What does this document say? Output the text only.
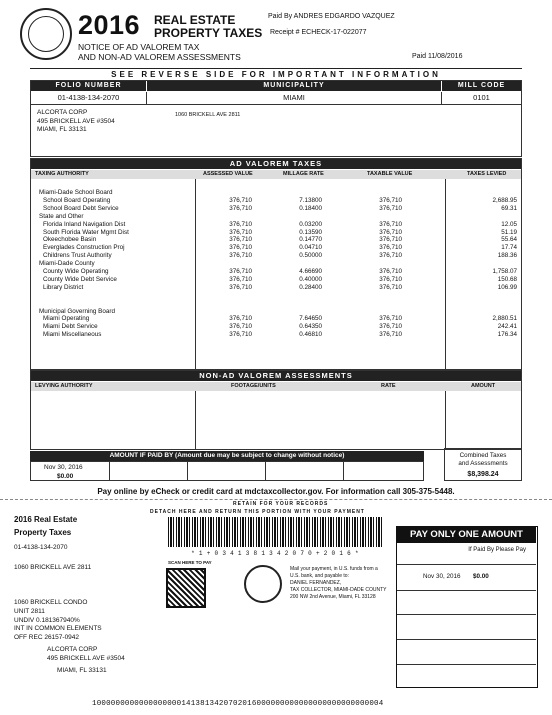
2016 REAL ESTATE
PROPERTY TAXES
NOTICE OF AD VALOREM TAX
AND NON-AD VALOREM ASSESSMENTS
Paid By ANDRES EDGARDO VAZQUEZ
Receipt # ECHECK-17-022077
Paid 11/08/2016
SEE REVERSE SIDE FOR IMPORTANT INFORMATION
FOLIO NUMBER	MUNICIPALITY	MILL CODE
01-4138-134-2070	MIAMI	0101
ALCORTA CORP
495 BRICKELL AVE #3504
MIAMI, FL 33131
1060 BRICKELL AVE 2811
AD VALOREM TAXES
TAXING AUTHORITY	ASSESSED VALUE	MILLAGE RATE	TAXABLE VALUE	TAXES LEVIED
Miami-Dade School Board
School Board Operating	376,710	7.13800	376,710	2,688.95
School Board Debt Service	376,710	0.18400	376,710	69.31
State and Other
Florida Inland Navigation Dist	376,710	0.03200	376,710	12.05
South Florida Water Mgmt Dist	376,710	0.13590	376,710	51.19
Okeechobee Basin	376,710	0.14770	376,710	55.64
Everglades Construction Proj	376,710	0.04710	376,710	17.74
Childrens Trust Authority	376,710	0.50000	376,710	188.36
Miami-Dade County
County Wide Operating	376,710	4.66690	376,710	1,758.07
County Wide Debt Service	376,710	0.40000	376,710	150.68
Library District	376,710	0.28400	376,710	106.99
Municipal Governing Board
Miami Operating	376,710	7.64650	376,710	2,880.51
Miami Debt Service	376,710	0.64350	376,710	242.41
Miami Miscellaneous	376,710	0.46810	376,710	176.34
NON-AD VALOREM ASSESSMENTS
LEVYING AUTHORITY	FOOTAGE/UNITS	RATE	AMOUNT
AMOUNT IF PAID BY (Amount due may be subject to change without notice)
Nov 30, 2016
$0.00
Combined Taxes
and Assessments
$8,398.24
Pay online by eCheck or credit card at mdctaxcollector.gov. For information call 305-375-5448.
RETAIN FOR YOUR RECORDS
DETACH HERE AND RETURN THIS PORTION WITH YOUR PAYMENT
2016 Real Estate
Property Taxes
01-4138-134-2070
1060 BRICKELL AVE 2811
1060 BRICKELL CONDO
UNIT 2811
UNDIV 0.181367940%
INT IN COMMON ELEMENTS
OFF REC 26157-0942
ALCORTA CORP
495 BRICKELL AVE #3504
MIAMI, FL 33131
* 1 + 0 3 4 1 3 8 1 3 4 2 0 7 0 + 2 0 1 6 *
SCAN HERE TO PAY
Mail your payment, in U.S. funds from a
U.S. bank, and payable to:
DANIEL FERNANDEZ,
TAX COLLECTOR, MIAMI-DADE COUNTY
200 NW 2nd Avenue, Miami, FL 33128
PAY ONLY ONE AMOUNT
If Paid By Please Pay
Nov 30, 2016 $0.00
10000000000000000001413813420702016000000000000000000000000004
